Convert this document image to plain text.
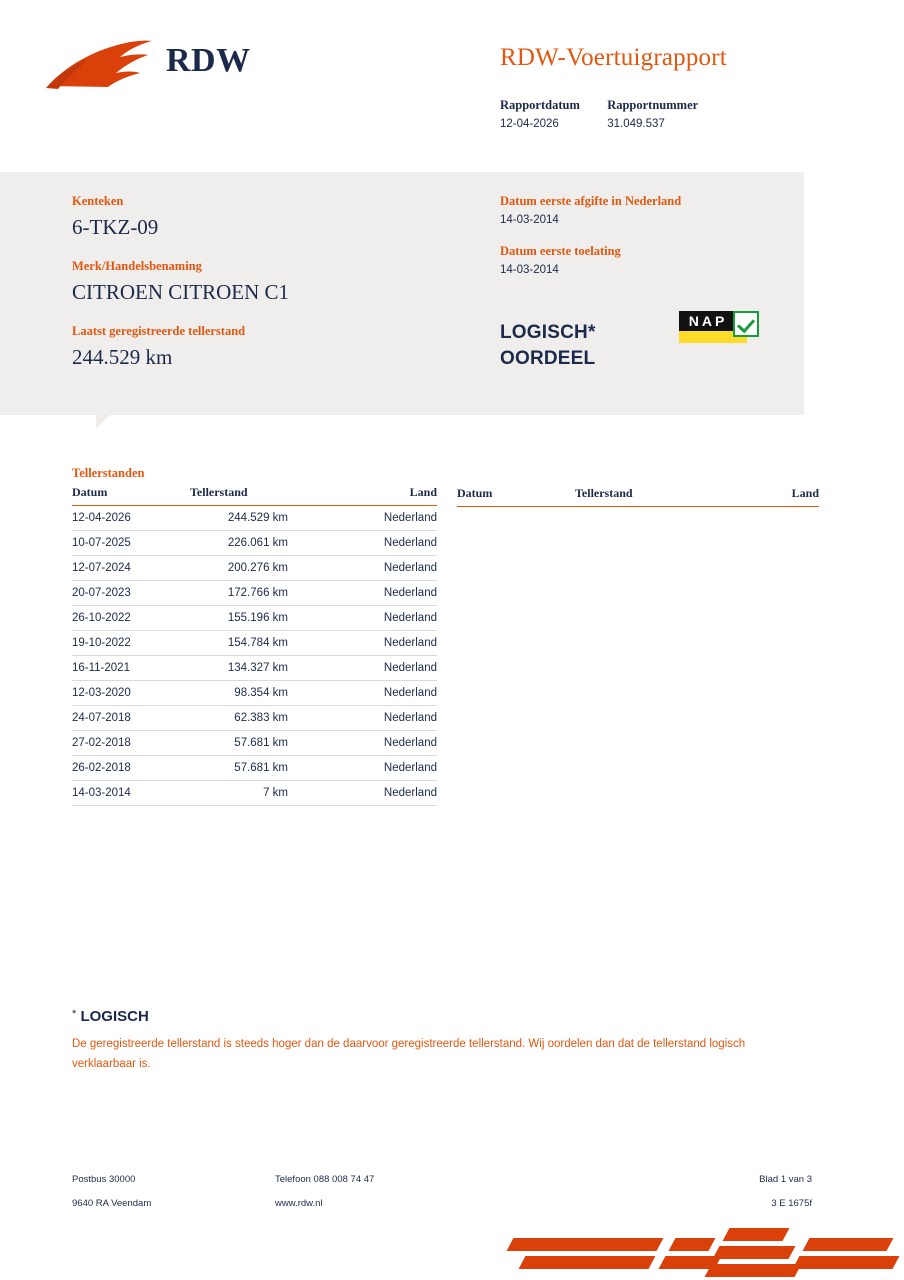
RDW	RDW-Voertuigrapport
Rapportdatum
12-04-2026

Rapportnummer
31.049.537
Kenteken
6-TKZ-09
Merk/Handelsbenaming
CITROEN CITROEN C1
Laatst geregistreerde tellerstand
244.529 km
Datum eerste afgifte in Nederland
14-03-2014
Datum eerste toelating
14-03-2014
LOGISCH*
OORDEEL
NAP
Tellerstanden
Datum	Tellerstand	Land
12-04-2026	244.529 km	Nederland
10-07-2025	226.061 km	Nederland
12-07-2024	200.276 km	Nederland
20-07-2023	172.766 km	Nederland
26-10-2022	155.196 km	Nederland
19-10-2022	154.784 km	Nederland
16-11-2021	134.327 km	Nederland
12-03-2020	98.354 km	Nederland
24-07-2018	62.383 km	Nederland
27-02-2018	57.681 km	Nederland
26-02-2018	57.681 km	Nederland
14-03-2014	7 km	Nederland
Datum	Tellerstand	Land
* LOGISCH
De geregistreerde tellerstand is steeds hoger dan de daarvoor geregistreerde tellerstand. Wij oordelen dan dat de tellerstand logisch verklaarbaar is.
Postbus 30000
9640 RA Veendam
Telefoon 088 008 74 47
www.rdw.nl
Blad 1 van 3
3 E 1675f
